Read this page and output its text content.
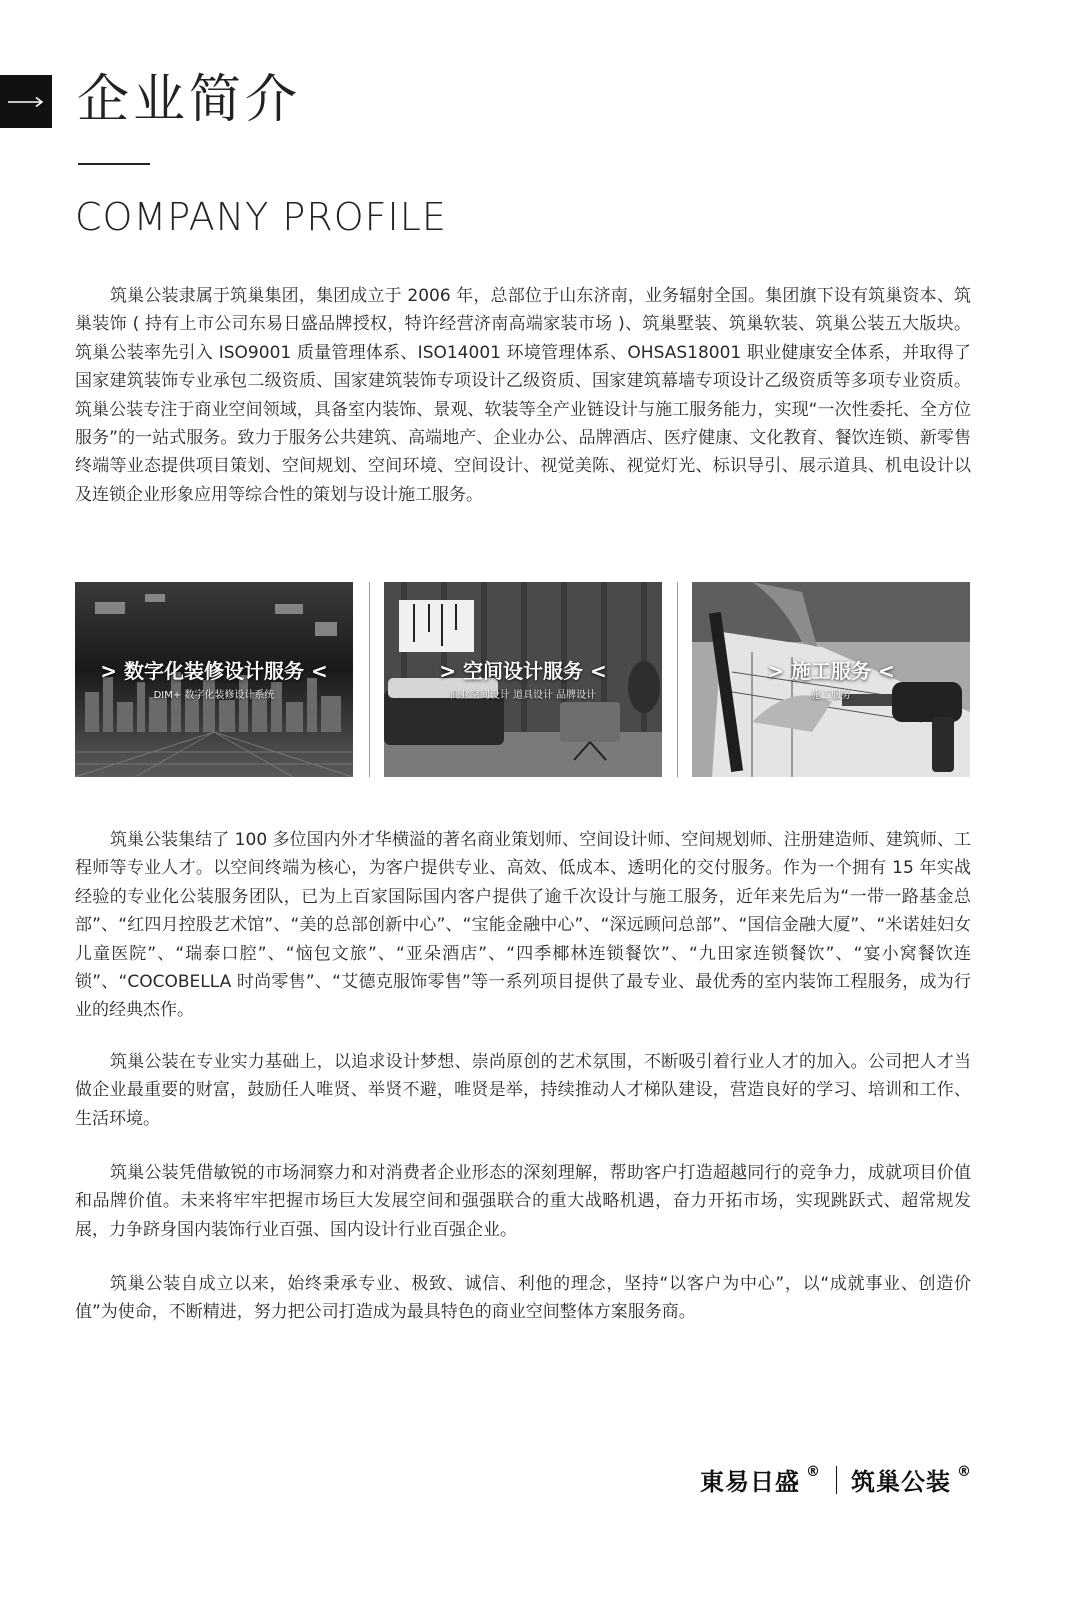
企业简介
COMPANY PROFILE

筑巢公装隶属于筑巢集团，集团成立于 2006 年，总部位于山东济南，业务辐射全国。集团旗下设有筑巢资本、筑巢装饰 ( 持有上市公司东易日盛品牌授权，特许经营济南高端家装市场 )、筑巢墅装、筑巢软装、筑巢公装五大版块。筑巢公装率先引入 ISO9001 质量管理体系、ISO14001 环境管理体系、OHSAS18001 职业健康安全体系，并取得了国家建筑装饰专业承包二级资质、国家建筑装饰专项设计乙级资质、国家建筑幕墙专项设计乙级资质等多项专业资质。筑巢公装专注于商业空间领域，具备室内装饰、景观、软装等全产业链设计与施工服务能力，实现“一次性委托、全方位服务”的一站式服务。致力于服务公共建筑、高端地产、企业办公、品牌酒店、医疗健康、文化教育、餐饮连锁、新零售终端等业态提供项目策划、空间规划、空间环境、空间设计、视觉美陈、视觉灯光、标识导引、展示道具、机电设计以及连锁企业形象应用等综合性的策划与设计施工服务。

> 数字化装修设计服务 <
DIM+ 数字化装修设计系统
> 空间设计服务 <
商业空间设计 道具设计 品牌设计
> 施工服务 <
施工服务

筑巢公装集结了 100 多位国内外才华横溢的著名商业策划师、空间设计师、空间规划师、注册建造师、建筑师、工程师等专业人才。以空间终端为核心，为客户提供专业、高效、低成本、透明化的交付服务。作为一个拥有 15 年实战经验的专业化公装服务团队，已为上百家国际国内客户提供了逾千次设计与施工服务，近年来先后为“一带一路基金总部”、“红四月控股艺术馆”、“美的总部创新中心”、“宝能金融中心”、“深远顾问总部”、“国信金融大厦”、“米诺娃妇女儿童医院”、“瑞泰口腔”、“恼包文旅”、“亚朵酒店”、“四季椰林连锁餐饮”、“九田家连锁餐饮”、“宴小窝餐饮连锁”、“COCOBELLA 时尚零售”、“艾德克服饰零售”等一系列项目提供了最专业、最优秀的室内装饰工程服务，成为行业的经典杰作。

筑巢公装在专业实力基础上，以追求设计梦想、崇尚原创的艺术氛围，不断吸引着行业人才的加入。公司把人才当做企业最重要的财富，鼓励任人唯贤、举贤不避，唯贤是举，持续推动人才梯队建设，营造良好的学习、培训和工作、生活环境。

筑巢公装凭借敏锐的市场洞察力和对消费者企业形态的深刻理解，帮助客户打造超越同行的竞争力，成就项目价值和品牌价值。未来将牢牢把握市场巨大发展空间和强强联合的重大战略机遇，奋力开拓市场，实现跳跃式、超常规发展，力争跻身国内装饰行业百强、国内设计行业百强企业。

筑巢公装自成立以来，始终秉承专业、极致、诚信、利他的理念，坚持“以客户为中心”，以“成就事业、创造价值”为使命，不断精进，努力把公司打造成为最具特色的商业空间整体方案服务商。

東易日盛 ® 筑巢公装 ®
